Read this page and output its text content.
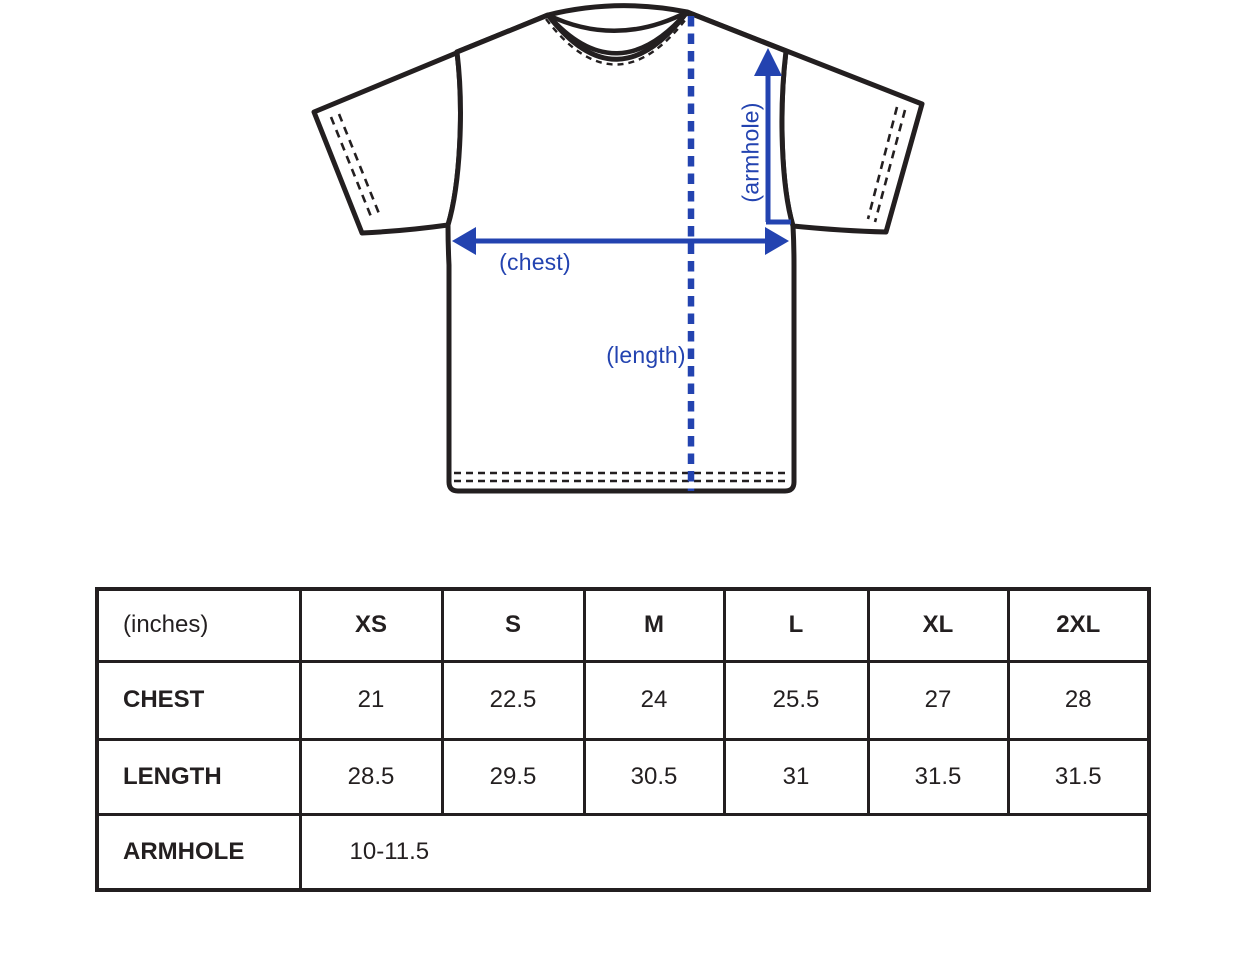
(chest)
(length)
(armhole)
(inches)	XS	S	M	L	XL	2XL
CHEST	21	22.5	24	25.5	27	28
LENGTH	28.5	29.5	30.5	31	31.5	31.5
ARMHOLE	10-11.5					
